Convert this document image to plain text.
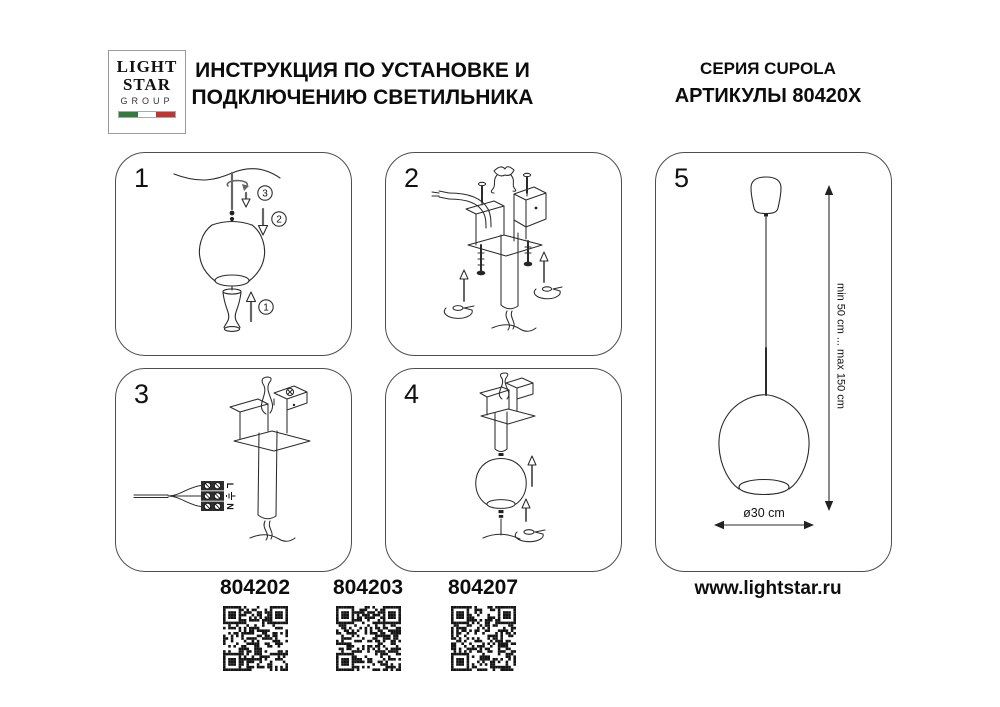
LIGHT
STAR
GROUP
ИНСТРУКЦИЯ ПО УСТАНОВКЕ И
ПОДКЛЮЧЕНИЮ СВЕТИЛЬНИКА
СЕРИЯ CUPOLA
АРТИКУЛЫ 80420X
1
3
2
1
2
3
L
N
4
5
min 50 cm ... max 150 cm
ø30 cm
804202	804203	804207	www.lightstar.ru
